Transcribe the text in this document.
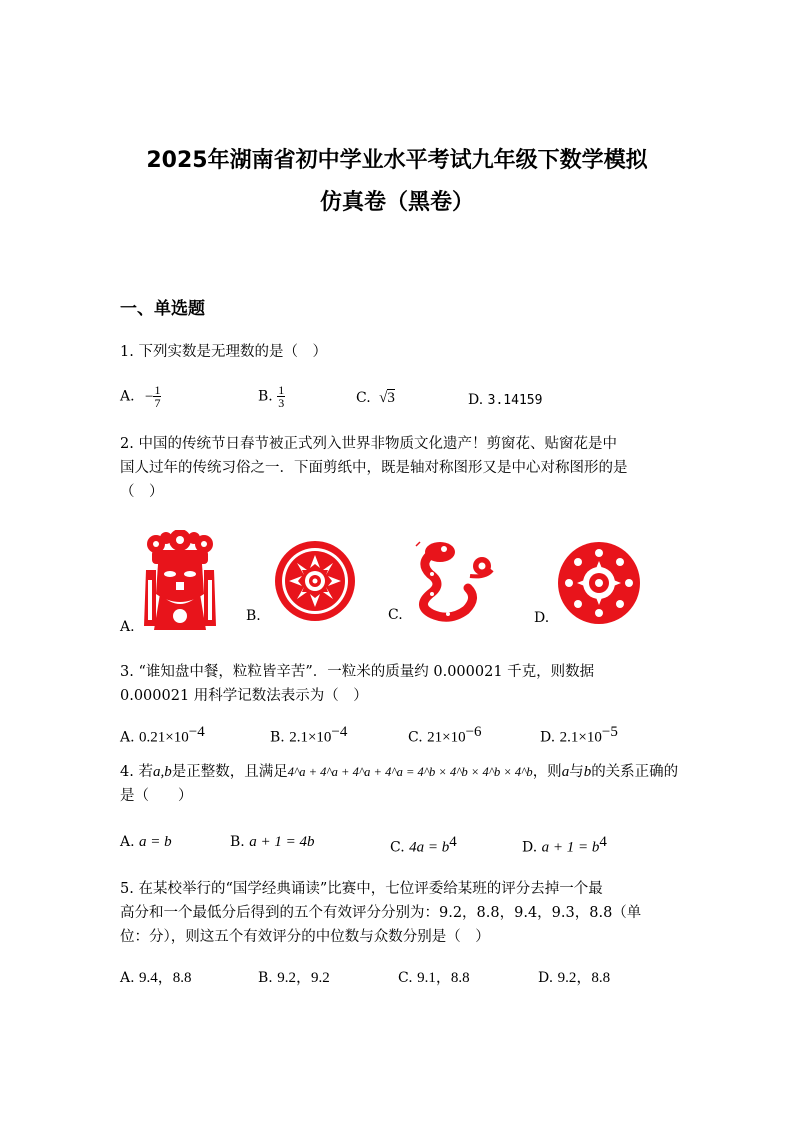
2025年湖南省初中学业水平考试九年级下数学模拟
仿真卷（黑卷）
一、单选题
1. 下列实数是无理数的是（　）
A. − $\frac{1}{7}$	B. $\frac{1}{3}$	C. √3	D. 3.14159
2. 中国的传统节日春节被正式列入世界非物质文化遗产！剪窗花、贴窗花是中
国人过年的传统习俗之一．下面剪纸中，既是轴对称图形又是中心对称图形的是
（　）
A.
B.	C.	D.
3. “谁知盘中餐，粒粒皆辛苦”．一粒米的质量约 0.000021 千克，则数据
0.000021 用科学记数法表示为（　）
A. $0.21\times 10^{-4}$	B. $2.1\times 10^{-4}$	C. $21\times 10^{-6}$	D. $2.1\times 10^{-5}$
4. 若a,b是正整数，且满足4^a + 4^a + 4^a + 4^a = 4^b × 4^b × 4^b × 4^b，则a与b的关系正确的
是（　　）
A. a = b	B. a + 1 = 4b	C. $4a = b^4$	D. $a + 1 = b^4$
5. 在某校举行的“国学经典诵读”比赛中，七位评委给某班的评分去掉一个最
高分和一个最低分后得到的五个有效评分分别为：9.2，8.8，9.4，9.3，8.8（单
位：分），则这五个有效评分的中位数与众数分别是（　）
A. 9.4，8.8	B. 9.2，9.2	C. 9.1，8.8	D. 9.2，8.8
